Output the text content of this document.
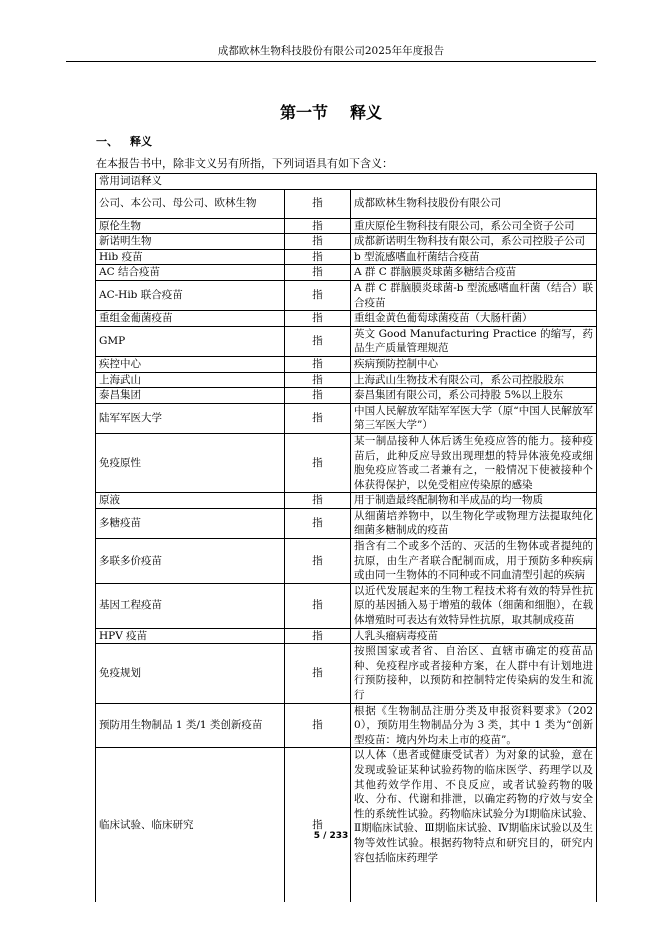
成都欧林生物科技股份有限公司2025年年度报告
第一节 释义
一、 释义
在本报告书中，除非文义另有所指，下列词语具有如下含义：
常用词语释义		
公司、本公司、母公司、欧林生物	指	成都欧林生物科技股份有限公司
原伦生物	指	重庆原伦生物科技有限公司，系公司全资子公司
新诺明生物	指	成都新诺明生物科技有限公司，系公司控股子公司
Hib 疫苗	指	b 型流感嗜血杆菌结合疫苗
AC 结合疫苗	指	A 群 C 群脑膜炎球菌多糖结合疫苗
AC-Hib 联合疫苗	指	A 群 C 群脑膜炎球菌-b 型流感嗜血杆菌（结合）联合疫苗
重组金葡菌疫苗	指	重组金黄色葡萄球菌疫苗（大肠杆菌）
GMP	指	英文 Good Manufacturing Practice 的缩写，药品生产质量管理规范
疾控中心	指	疾病预防控制中心
上海武山	指	上海武山生物技术有限公司，系公司控股股东
泰昌集团	指	泰昌集团有限公司，系公司持股 5%以上股东
陆军军医大学	指	中国人民解放军陆军军医大学（原“中国人民解放军第三军医大学”）
免疫原性	指	某一制品接种人体后诱生免疫应答的能力。接种疫苗后，此种反应导致出现理想的特异体液免疫或细胞免疫应答或二者兼有之，一般情况下使被接种个体获得保护，以免受相应传染原的感染
原液	指	用于制造最终配制物和半成品的均一物质
多糖疫苗	指	从细菌培养物中，以生物化学或物理方法提取纯化细菌多糖制成的疫苗
多联多价疫苗	指	指含有二个或多个活的、灭活的生物体或者提纯的抗原，由生产者联合配制而成，用于预防多种疾病或由同一生物体的不同种或不同血清型引起的疾病
基因工程疫苗	指	以近代发展起来的生物工程技术将有效的特异性抗原的基因插入易于增殖的载体（细菌和细胞），在载体增殖时可表达有效特异性抗原，取其制成疫苗
HPV 疫苗	指	人乳头瘤病毒疫苗
免疫规划	指	按照国家或者省、自治区、直辖市确定的疫苗品种、免疫程序或者接种方案，在人群中有计划地进行预防接种，以预防和控制特定传染病的发生和流行
预防用生物制品 1 类/1 类创新疫苗	指	根据《生物制品注册分类及申报资料要求》（2020），预防用生物制品分为 3 类，其中 1 类为“创新型疫苗：境内外均未上市的疫苗”。
临床试验、临床研究	指	以人体（患者或健康受试者）为对象的试验，意在发现或验证某种试验药物的临床医学、药理学以及其他药效学作用、不良反应，或者试验药物的吸收、分布、代谢和排泄，以确定药物的疗效与安全性的系统性试验。药物临床试验分为Ⅰ期临床试验、Ⅱ期临床试验、Ⅲ期临床试验、Ⅳ期临床试验以及生物等效性试验。根据药物特点和研究目的，研究内容包括临床药理学
5 / 233
